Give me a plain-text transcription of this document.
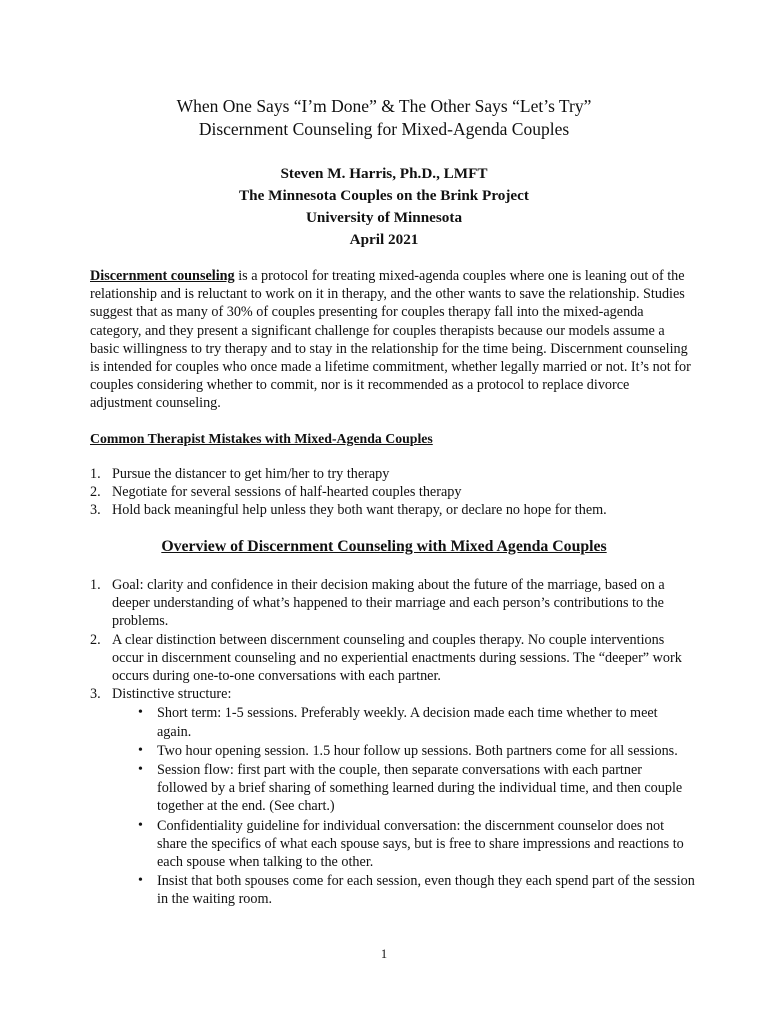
When One Says “I’m Done” & The Other Says “Let’s Try”
Discernment Counseling for Mixed-Agenda Couples
Steven M. Harris, Ph.D., LMFT
The Minnesota Couples on the Brink Project
University of Minnesota
April 2021

Discernment counseling is a protocol for treating mixed-agenda couples where one is leaning out of the relationship and is reluctant to work on it in therapy, and the other wants to save the relationship. Studies suggest that as many of 30% of couples presenting for couples therapy fall into the mixed-agenda category, and they present a significant challenge for couples therapists because our models assume a basic willingness to try therapy and to stay in the relationship for the time being. Discernment counseling is intended for couples who once made a lifetime commitment, whether legally married or not. It’s not for couples considering whether to commit, nor is it recommended as a protocol to replace divorce adjustment counseling.

Common Therapist Mistakes with Mixed-Agenda Couples
1. Pursue the distancer to get him/her to try therapy
2. Negotiate for several sessions of half-hearted couples therapy
3. Hold back meaningful help unless they both want therapy, or declare no hope for them.
Overview of Discernment Counseling with Mixed Agenda Couples
1. Goal: clarity and confidence in their decision making about the future of the marriage, based on a deeper understanding of what’s happened to their marriage and each person’s contributions to the problems.
2. A clear distinction between discernment counseling and couples therapy. No couple interventions occur in discernment counseling and no experiential enactments during sessions. The “deeper” work occurs during one-to-one conversations with each partner.
3. Distinctive structure:
• Short term: 1-5 sessions. Preferably weekly. A decision made each time whether to meet again.
• Two hour opening session. 1.5 hour follow up sessions. Both partners come for all sessions.
• Session flow: first part with the couple, then separate conversations with each partner followed by a brief sharing of something learned during the individual time, and then couple together at the end. (See chart.)
• Confidentiality guideline for individual conversation: the discernment counselor does not share the specifics of what each spouse says, but is free to share impressions and reactions to each spouse when talking to the other.
• Insist that both spouses come for each session, even though they each spend part of the session in the waiting room.
1
